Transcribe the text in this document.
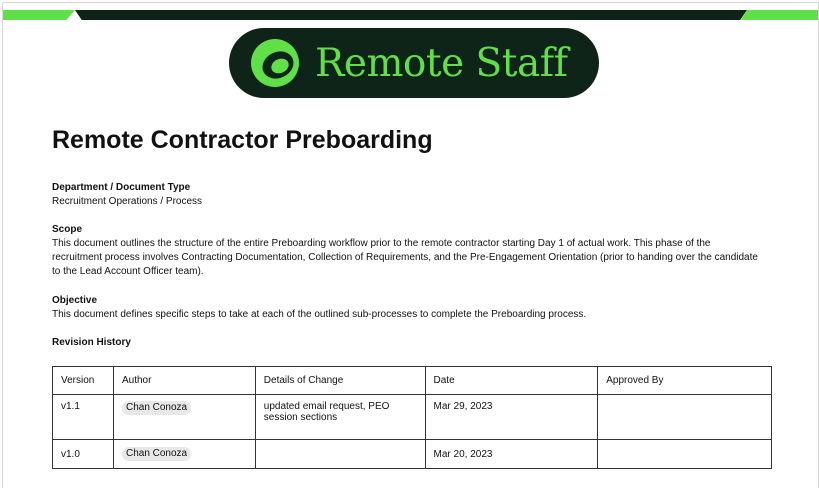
Remote Staff
Remote Contractor Preboarding
Department / Document Type
Recruitment Operations / Process
Scope
This document outlines the structure of the entire Preboarding workflow prior to the remote contractor starting Day 1 of actual work. This phase of the recruitment process involves Contracting Documentation, Collection of Requirements, and the Pre-Engagement Orientation (prior to handing over the candidate to the Lead Account Officer team).
Objective
This document defines specific steps to take at each of the outlined sub-processes to complete the Preboarding process.
Revision History
Version	Author	Details of Change	Date	Approved By
v1.1	Chan Conoza	updated email request, PEO session sections	Mar 29, 2023	
v1.0	Chan Conoza		Mar 20, 2023	
